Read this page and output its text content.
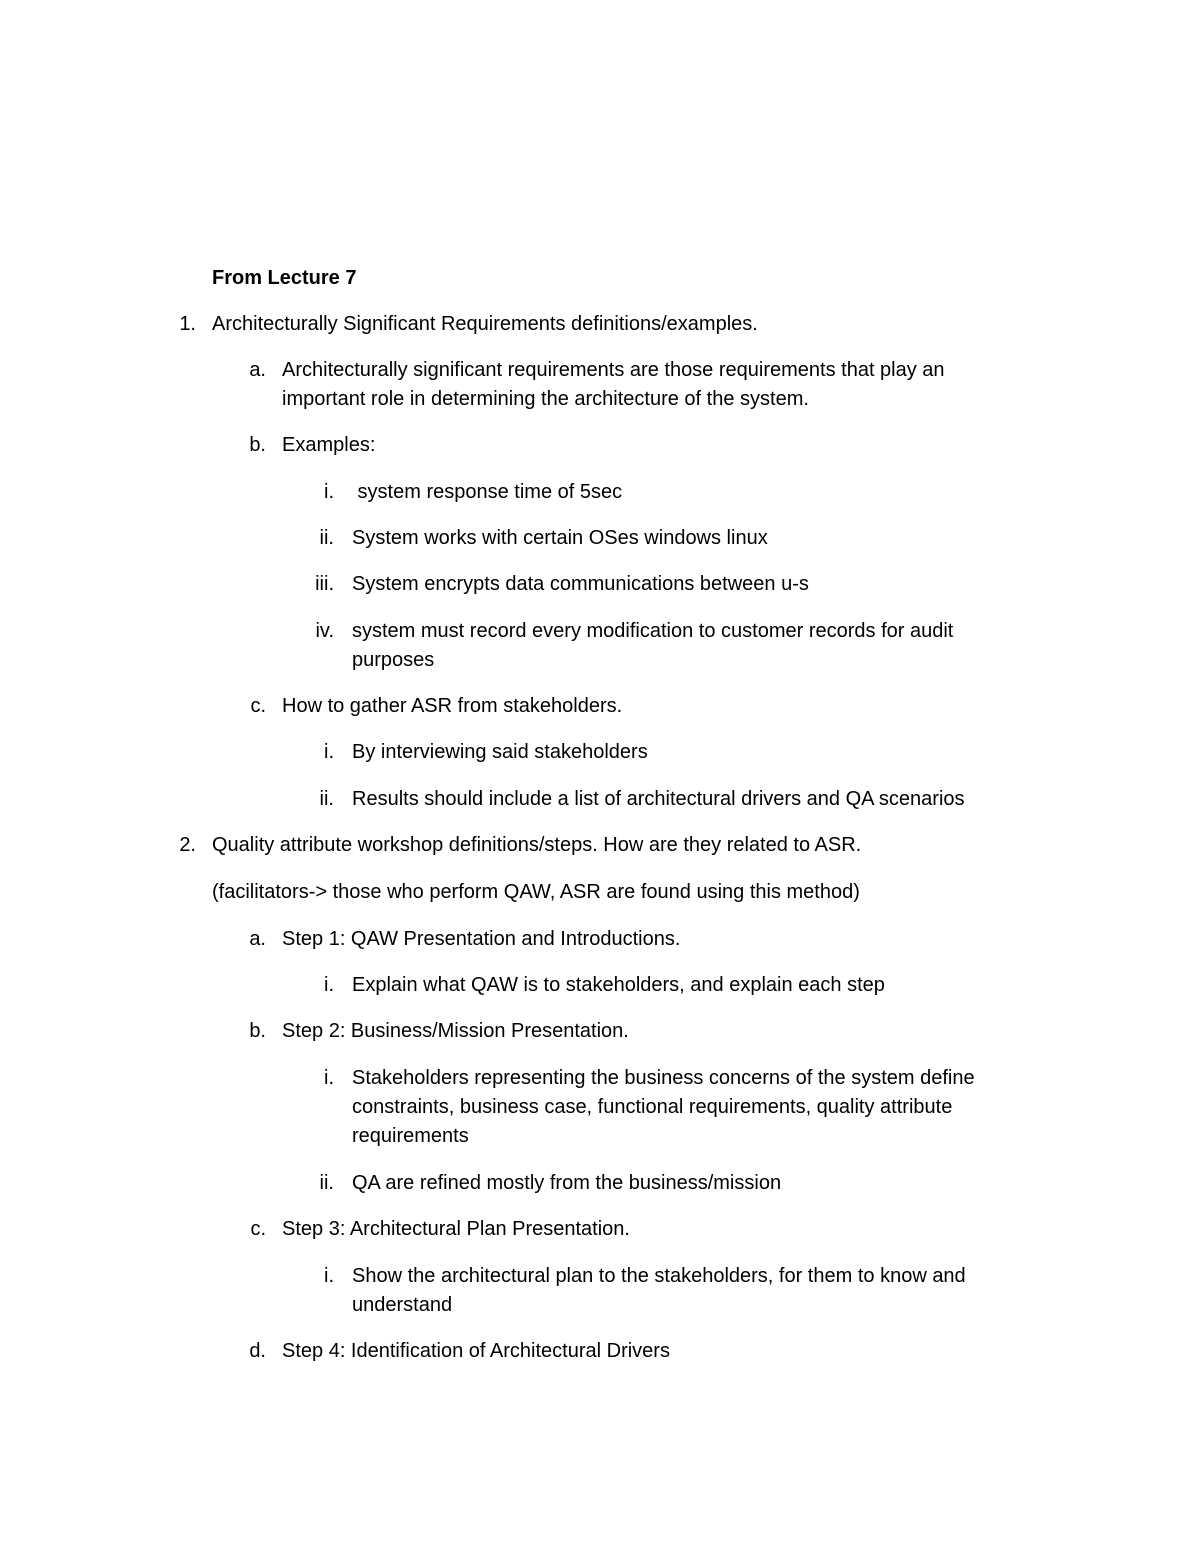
From Lecture 7
1. Architecturally Significant Requirements definitions/examples.
a. Architecturally significant requirements are those requirements that play an
important role in determining the architecture of the system.
b. Examples:
i. system response time of 5sec
ii. System works with certain OSes windows linux
iii. System encrypts data communications between u-s
iv. system must record every modification to customer records for audit
purposes
c. How to gather ASR from stakeholders.
i. By interviewing said stakeholders
ii. Results should include a list of architectural drivers and QA scenarios
2. Quality attribute workshop definitions/steps. How are they related to ASR.
(facilitators-> those who perform QAW, ASR are found using this method)
a. Step 1: QAW Presentation and Introductions.
i. Explain what QAW is to stakeholders, and explain each step
b. Step 2: Business/Mission Presentation.
i. Stakeholders representing the business concerns of the system define
constraints, business case, functional requirements, quality attribute
requirements
ii. QA are refined mostly from the business/mission
c. Step 3: Architectural Plan Presentation.
i. Show the architectural plan to the stakeholders, for them to know and
understand
d. Step 4: Identification of Architectural Drivers
